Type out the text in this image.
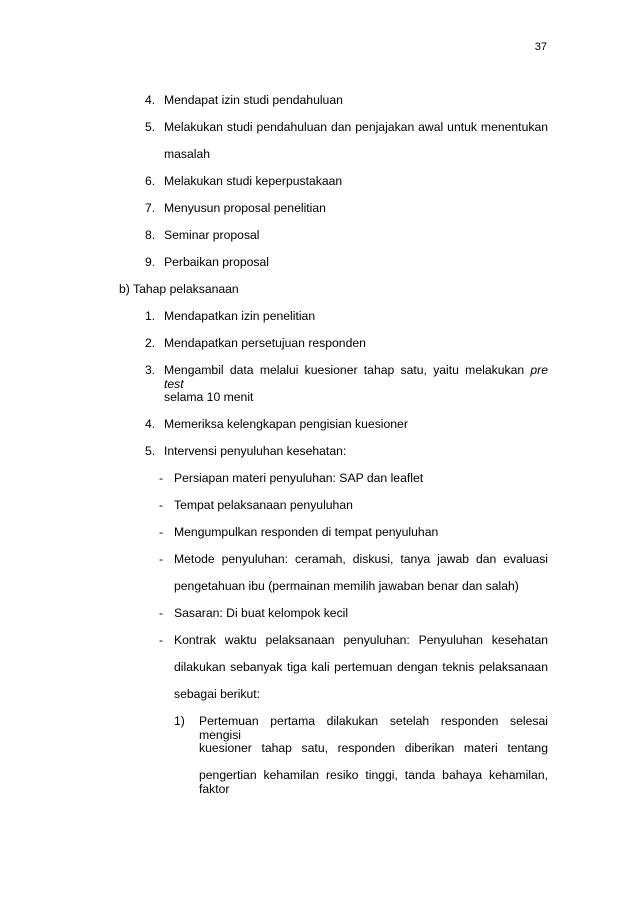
37
4. Mendapat izin studi pendahuluan
5. Melakukan studi pendahuluan dan penjajakan awal untuk menentukan
masalah
6. Melakukan studi keperpustakaan
7. Menyusun proposal penelitian
8. Seminar proposal
9. Perbaikan proposal
b) Tahap pelaksanaan
1. Mendapatkan izin penelitian
2. Mendapatkan persetujuan responden
3. Mengambil data melalui kuesioner tahap satu, yaitu melakukan pre test
selama 10 menit
4. Memeriksa kelengkapan pengisian kuesioner
5. Intervensi penyuluhan kesehatan:
- Persiapan materi penyuluhan: SAP dan leaflet
- Tempat pelaksanaan penyuluhan
- Mengumpulkan responden di tempat penyuluhan
- Metode penyuluhan: ceramah, diskusi, tanya jawab dan evaluasi
pengetahuan ibu (permainan memilih jawaban benar dan salah)
- Sasaran: Di buat kelompok kecil
- Kontrak waktu pelaksanaan penyuluhan: Penyuluhan kesehatan
dilakukan sebanyak tiga kali pertemuan dengan teknis pelaksanaan
sebagai berikut:
1) Pertemuan pertama dilakukan setelah responden selesai mengisi
kuesioner tahap satu, responden diberikan materi tentang
pengertian kehamilan resiko tinggi, tanda bahaya kehamilan, faktor
